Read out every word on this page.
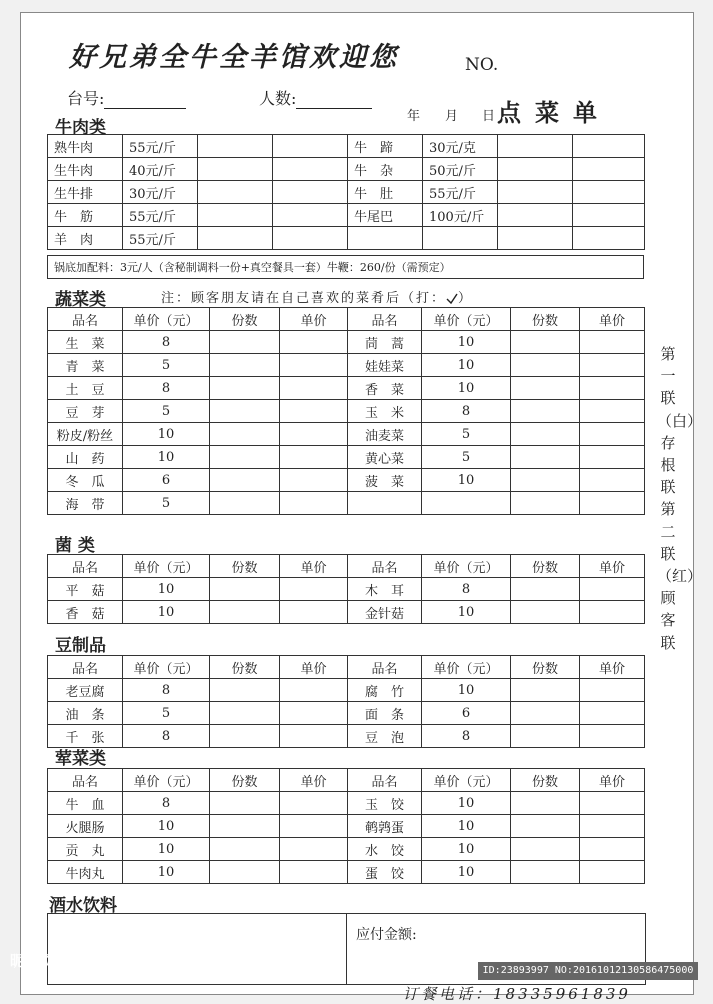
好兄弟全牛全羊馆欢迎您	NO.
台号:	人数:
年 月 日 点菜单
牛肉类
熟牛肉	55元/斤			牛　蹄	30元/克		
生牛肉	40元/斤			牛　杂	50元/斤		
生牛排	30元/斤			牛　肚	55元/斤		
牛　筋	55元/斤			牛尾巴	100元/斤		
羊　肉	55元/斤						
锅底加配料：3元/人（含秘制调料一份+真空餐具一套）牛鞭：260/份（需预定）
蔬菜类	注：顾客朋友请在自己喜欢的菜肴后（打： ）
品名	单价（元）	份数	单价	品名	单价（元）	份数	单价
生　菜	8			茼　蒿	10		
青　菜	5			娃娃菜	10		
土　豆	8			香　菜	10		
豆　芽	5			玉　米	8		
粉皮/粉丝	10			油麦菜	5		
山　药	10			黄心菜	5		
冬　瓜	6			菠　菜	10		
海　带	5						
菌 类
品名	单价（元）	份数	单价	品名	单价（元）	份数	单价
平　菇	10			木　耳	8		
香　菇	10			金针菇	10		
豆制品
品名	单价（元）	份数	单价	品名	单价（元）	份数	单价
老豆腐	8			腐　竹	10		
油　条	5			面　条	6		
千　张	8			豆　泡	8		
荤菜类
品名	单价（元）	份数	单价	品名	单价（元）	份数	单价
牛　血	8			玉　饺	10		
火腿肠	10			鹌鹑蛋	10		
贡　丸	10			水　饺	10		
牛肉丸	10			蛋　饺	10		
酒水饮料
应付金额:
第一联（白）存根联　第二联（红）顾客联
订餐电话：18335961839
昵享网	www.nipic.com
ID:23893997 NO:20161012130586475000
